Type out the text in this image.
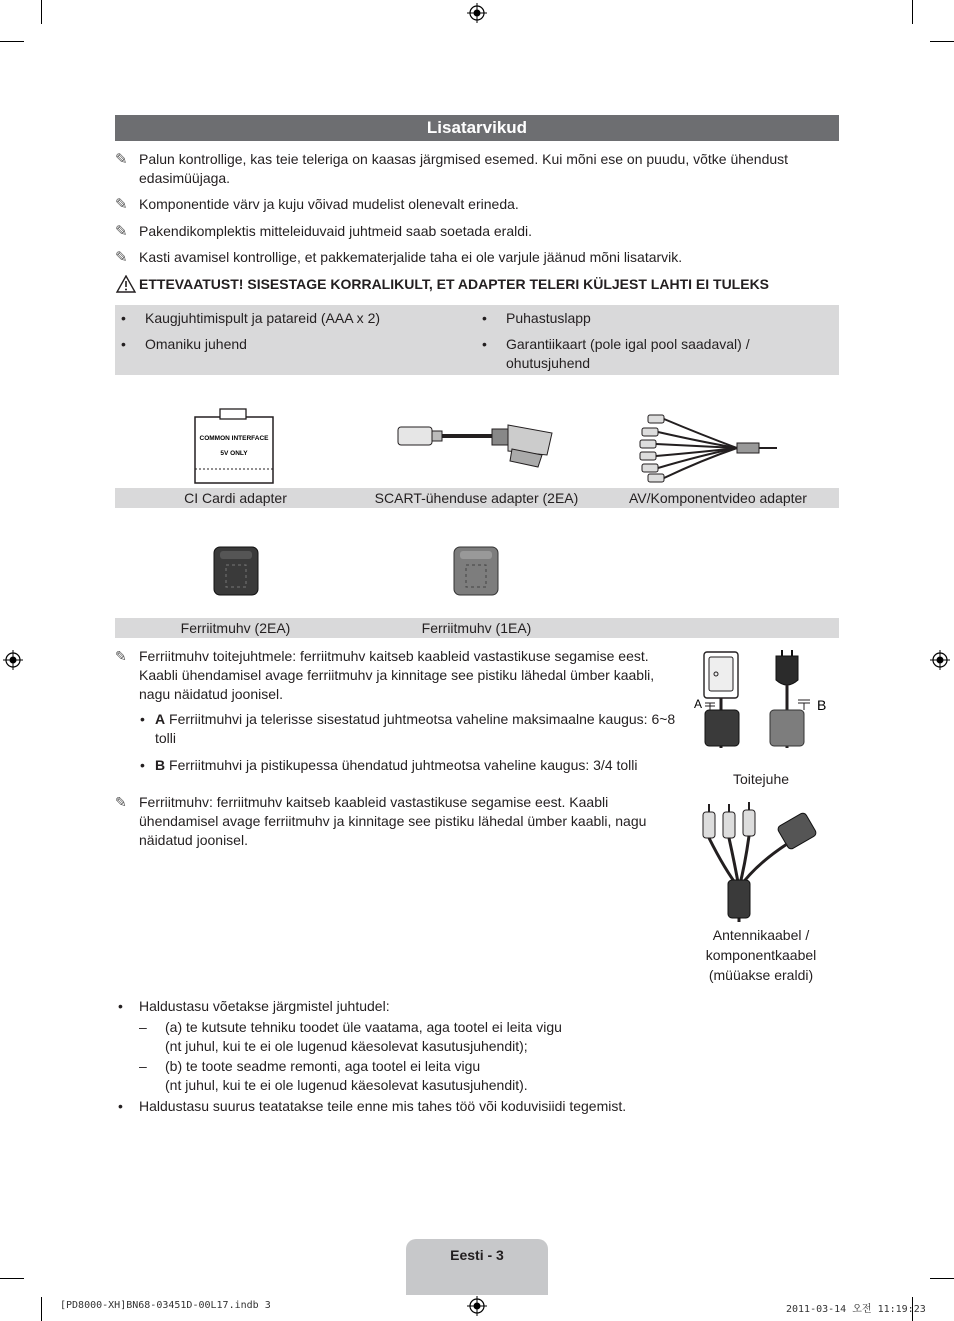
Lisatarvikud
✎ Palun kontrollige, kas teie teleriga on kaasas järgmised esemed. Kui mõni ese on puudu, võtke ühendust edasimüüjaga.
✎ Komponentide värv ja kuju võivad mudelist olenevalt erineda.
✎ Pakendikomplektis mitteleiduvaid juhtmeid saab soetada eraldi.
✎ Kasti avamisel kontrollige, et pakkematerjalide taha ei ole varjule jäänud mõni lisatarvik.
ETTEVAATUST! SISESTAGE KORRALIKULT, ET ADAPTER TELERI KÜLJEST LAHTI EI TULEKS
•	Kaugjuhtimispult ja patareid (AAA x 2)
•	Omaniku juhend
•	Puhastuslapp
•	Garantiikaart (pole igal pool saadaval) / ohutusjuhend
COMMON INTERFACE
5V ONLY
CI Cardi adapter	SCART-ühenduse adapter (2EA)	AV/Komponentvideo adapter
Ferriitmuhv (2EA)	Ferriitmuhv (1EA)
✎ Ferriitmuhv toitejuhtmele: ferriitmuhv kaitseb kaableid vastastikuse segamise eest. Kaabli ühendamisel avage ferriitmuhv ja kinnitage see pistiku lähedal ümber kaabli, nagu näidatud joonisel.
• A Ferriitmuhvi ja telerisse sisestatud juhtmeotsa vaheline maksimaalne kaugus: 6~8 tolli
• B Ferriitmuhvi ja pistikupessa ühendatud juhtmeotsa vaheline kaugus: 3/4 tolli
A	B
Toitejuhe
✎ Ferriitmuhv: ferriitmuhv kaitseb kaableid vastastikuse segamise eest. Kaabli ühendamisel avage ferriitmuhv ja kinnitage see pistiku lähedal ümber kaabli, nagu näidatud joonisel.
Antennikaabel / komponentkaabel (müüakse eraldi)
•	Haldustasu võetakse järgmistel juhtudel:
–	(a) te kutsute tehniku toodet üle vaatama, aga tootel ei leita vigu
(nt juhul, kui te ei ole lugenud käesolevat kasutusjuhendit);
–	(b) te toote seadme remonti, aga tootel ei leita vigu
(nt juhul, kui te ei ole lugenud käesolevat kasutusjuhendit).
•	Haldustasu suurus teatatakse teile enne mis tahes töö või koduvisiidi tegemist.
Eesti - 3
[PD8000-XH]BN68-03451D-00L17.indb 3	2011-03-14 오전 11:19:23
